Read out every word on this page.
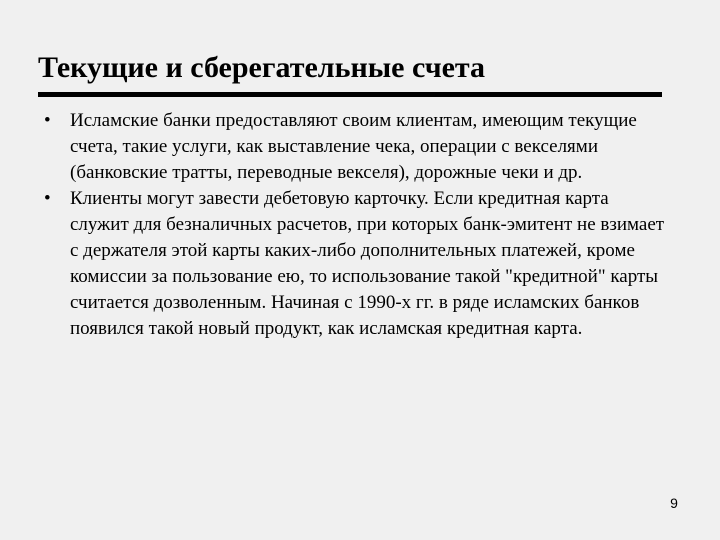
Текущие и сберегательные счета
• Исламские банки предоставляют своим клиентам, имеющим текущие счета, такие услуги, как выставление чека, операции с векселями (банковские тратты, переводные векселя), дорожные чеки и др.
• Клиенты могут завести дебетовую карточку. Если кредитная карта служит для безналичных расчетов, при которых банк-эмитент не взимает с держателя этой карты каких-либо дополнительных платежей, кроме комиссии за пользование ею, то использование такой "кредитной" карты считается дозволенным. Начиная с 1990-х гг. в ряде исламских банков появился такой новый продукт, как исламская кредитная карта.
9
